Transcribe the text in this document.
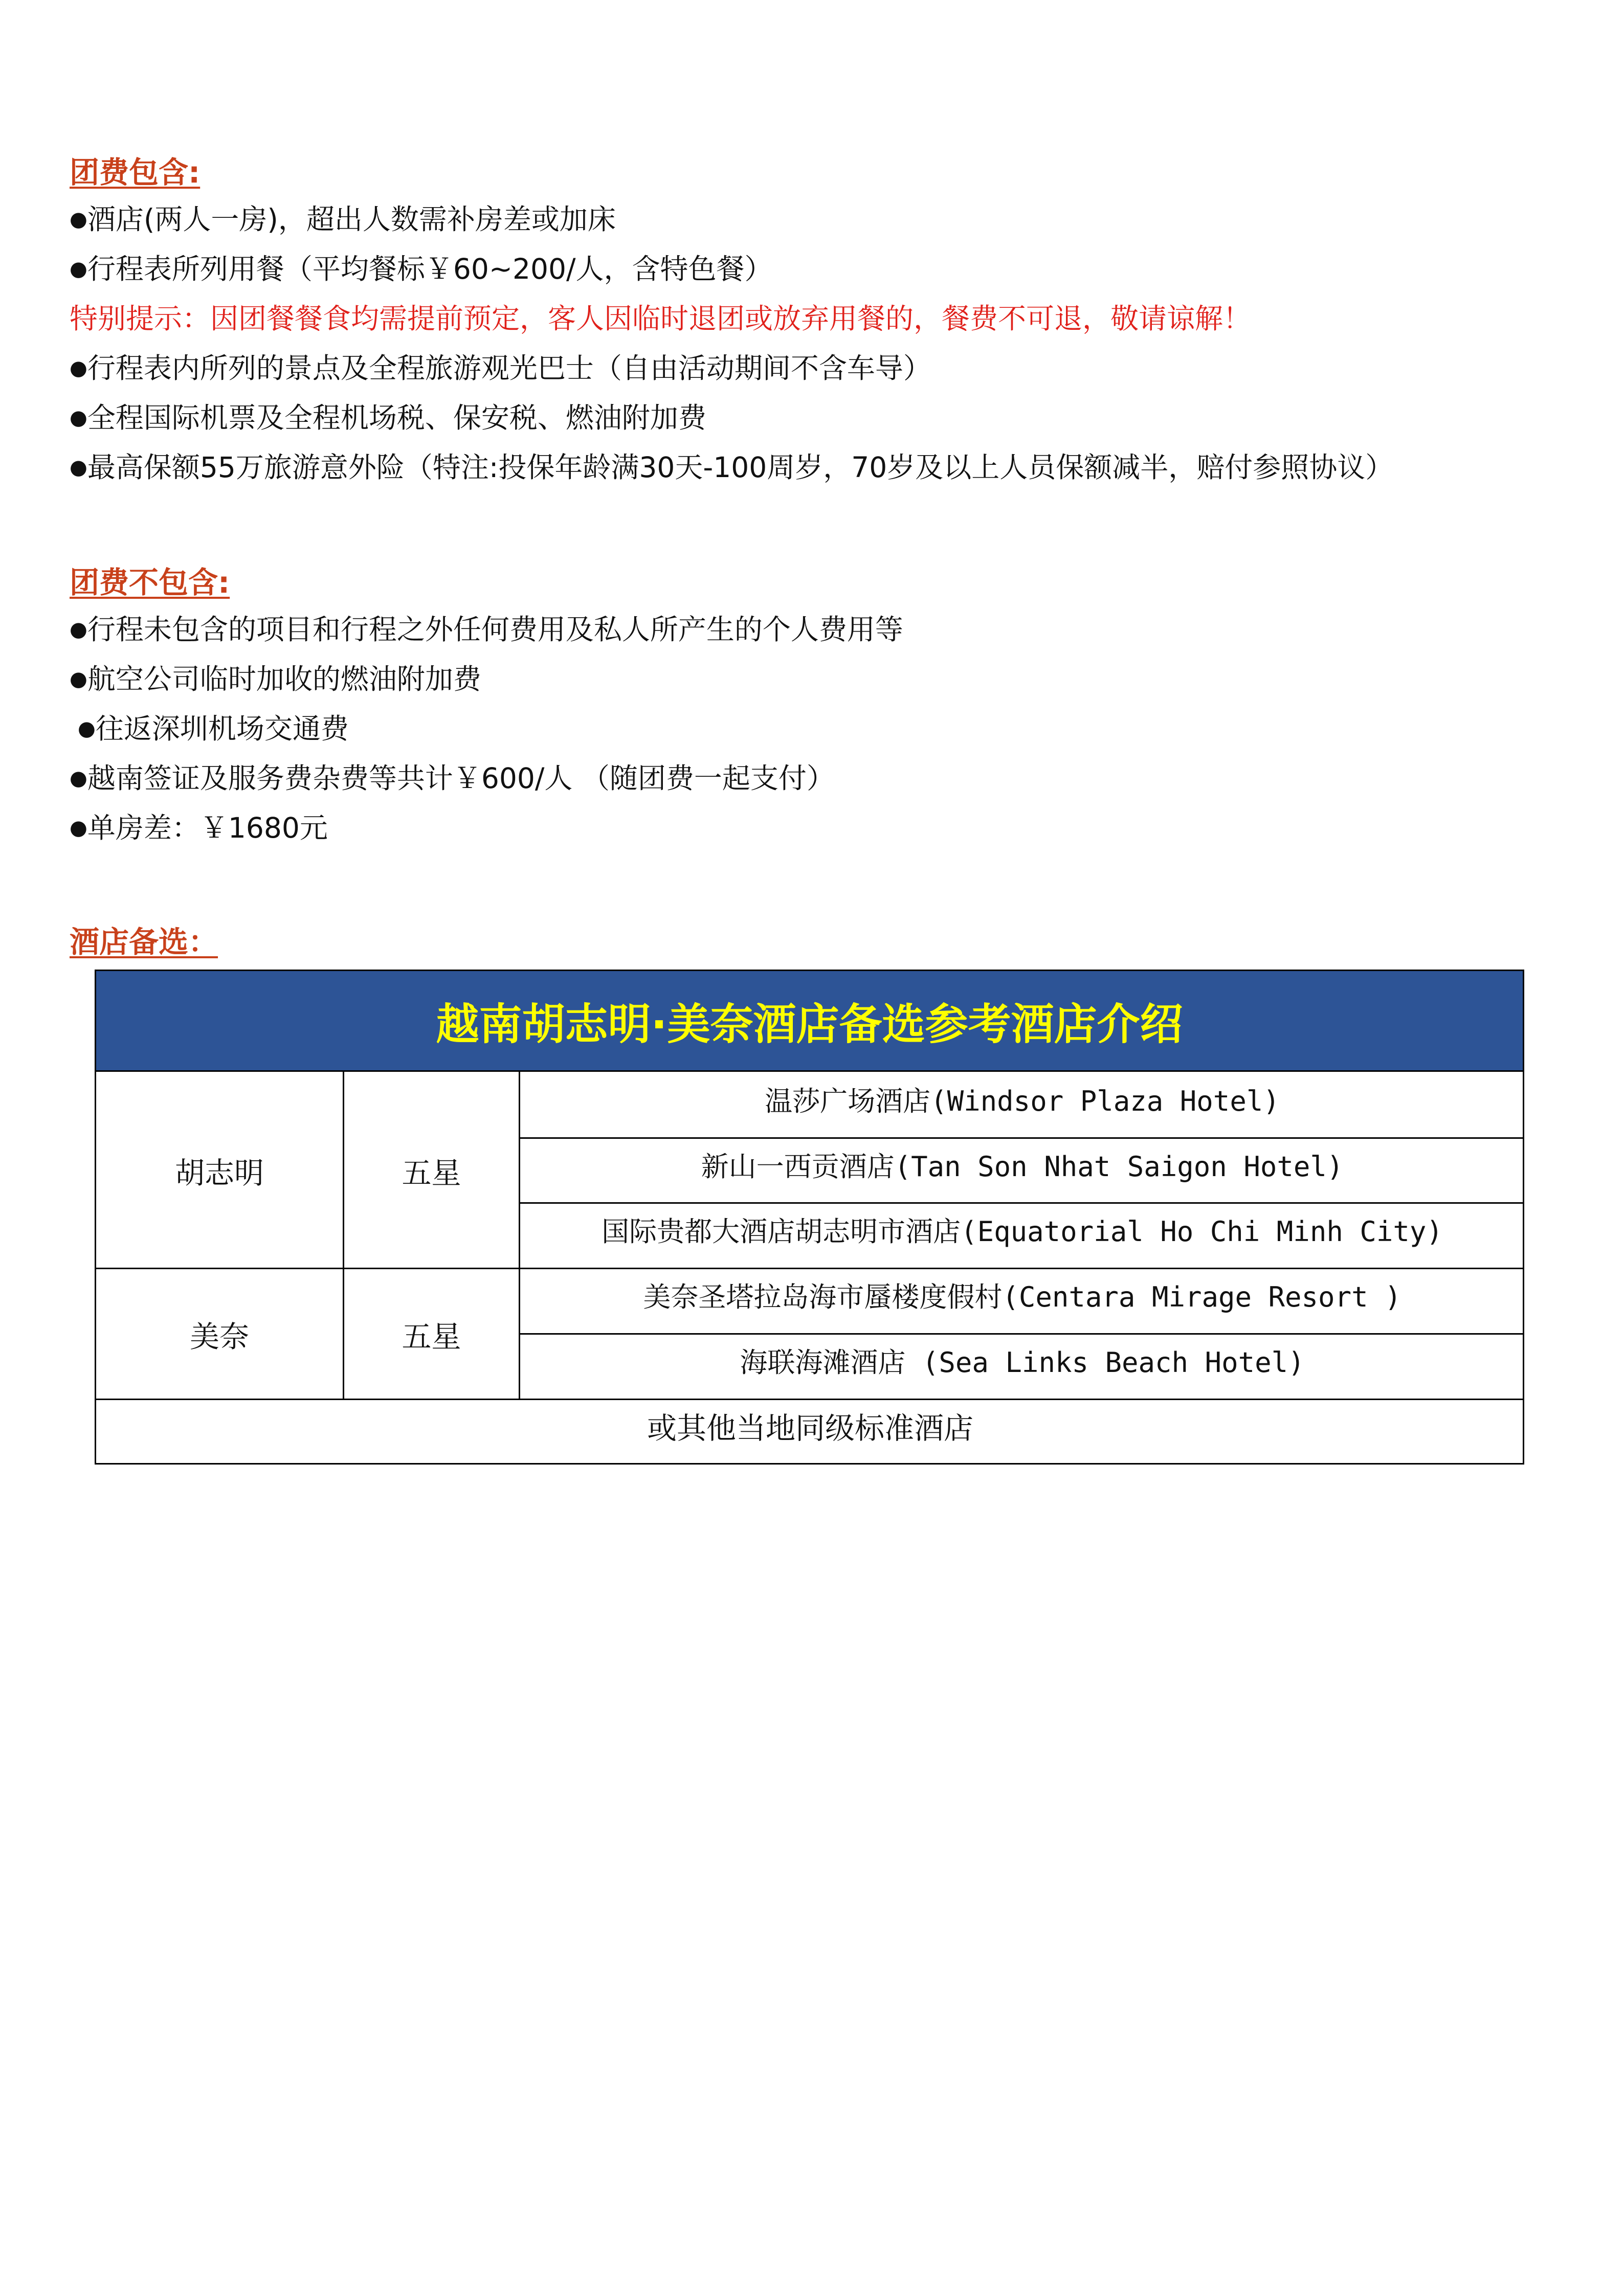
团费包含:
●酒店(两人一房)，超出人数需补房差或加床
●行程表所列用餐（平均餐标￥60~200/人，含特色餐）
特别提示：因团餐餐食均需提前预定，客人因临时退团或放弃用餐的，餐费不可退，敬请谅解！
●行程表内所列的景点及全程旅游观光巴士（自由活动期间不含车导）
●全程国际机票及全程机场税、保安税、燃油附加费
●最高保额55万旅游意外险（特注:投保年龄满30天-100周岁，70岁及以上人员保额减半，赔付参照协议）
团费不包含:
●行程未包含的项目和行程之外任何费用及私人所产生的个人费用等
●航空公司临时加收的燃油附加费
●往返深圳机场交通费
●越南签证及服务费杂费等共计￥600/人 （随团费一起支付）
●单房差：￥1680元
酒店备选：
越南胡志明·美奈酒店备选参考酒店介绍
胡志明	五星
温莎广场酒店(Windsor Plaza Hotel)
新山一西贡酒店(Tan Son Nhat Saigon Hotel)
国际贵都大酒店胡志明市酒店(Equatorial Ho Chi Minh City)
美奈	五星
美奈圣塔拉岛海市蜃楼度假村(Centara Mirage Resort )
海联海滩酒店 (Sea Links Beach Hotel)
或其他当地同级标准酒店
